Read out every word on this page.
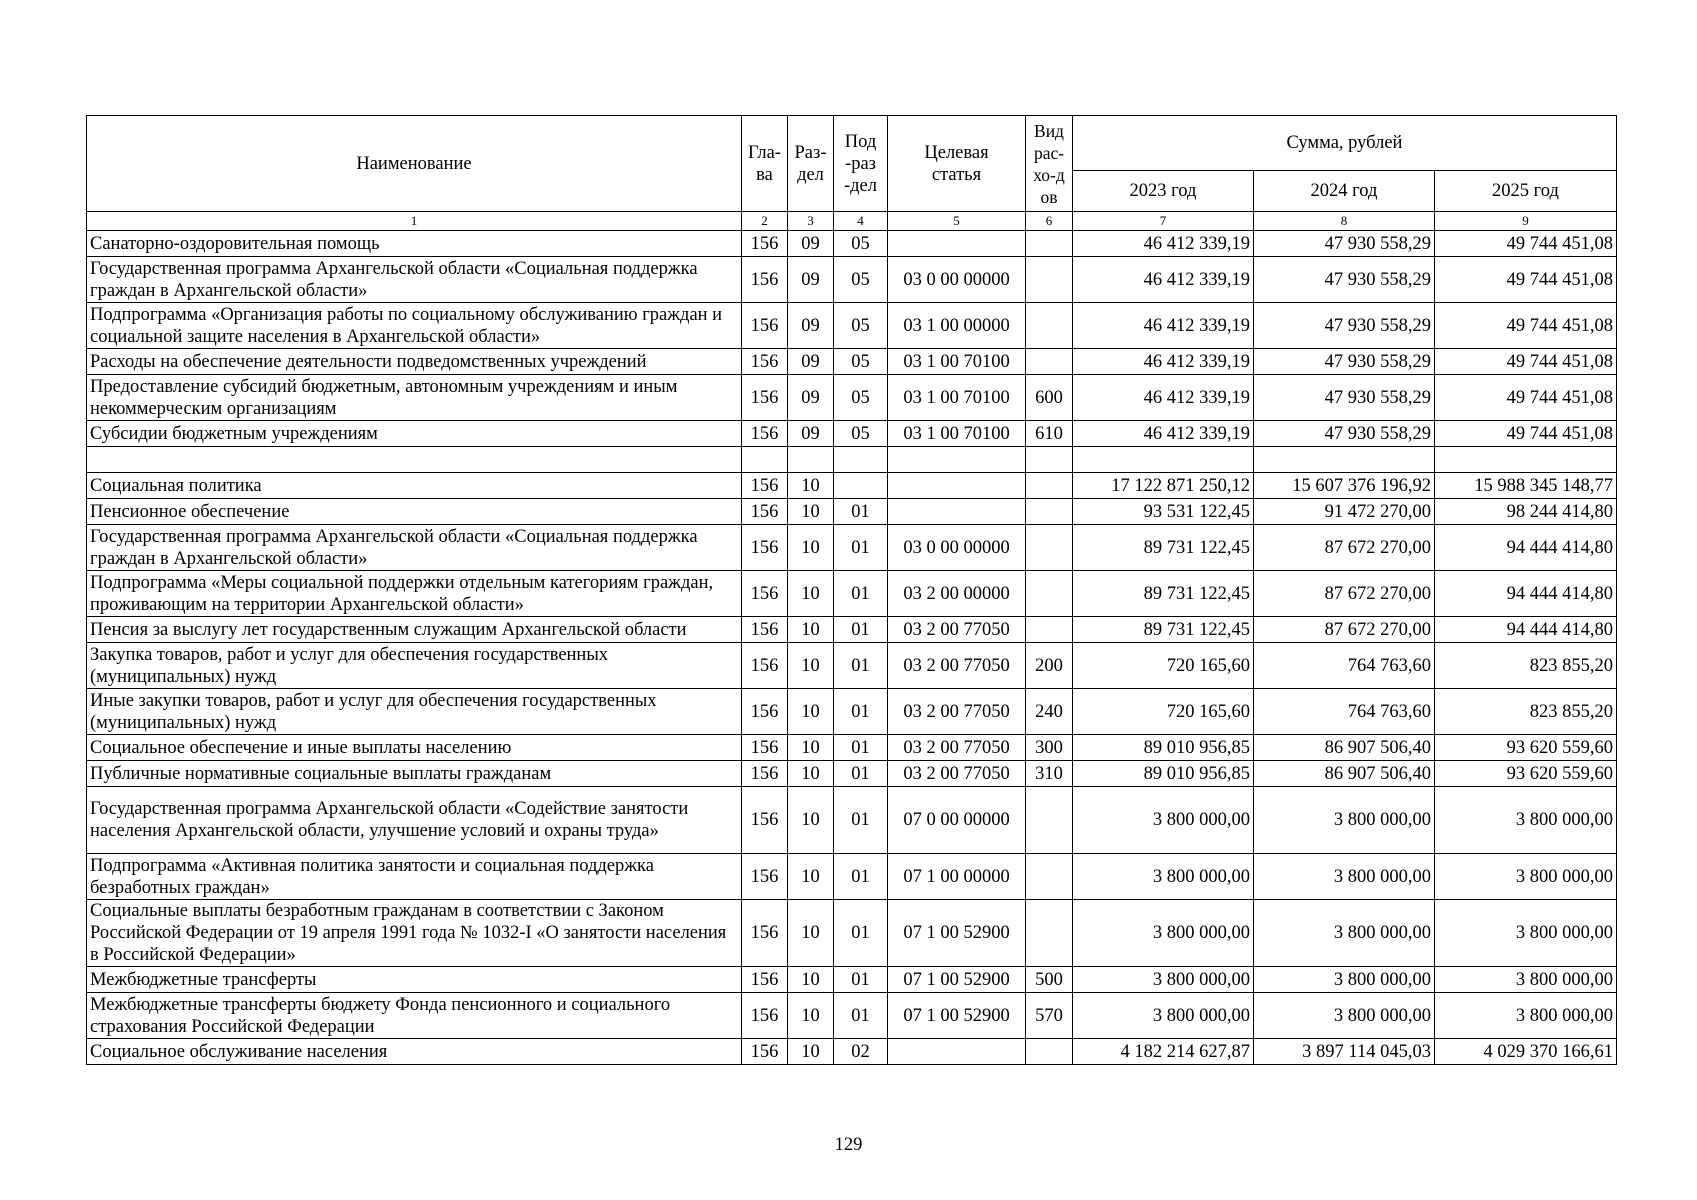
Наименование	Гла-ва	Раз-дел	Под-раз-дел	Целевая статья	Вид рас-хо-дов	Сумма, рублей		
						2023 год	2024 год	2025 год
1	2	3	4	5	6	7	8	9
Санаторно-оздоровительная помощь	156	09	05			46 412 339,19	47 930 558,29	49 744 451,08
Государственная программа Архангельской области «Социальная поддержка граждан в Архангельской области»	156	09	05	03 0 00 00000		46 412 339,19	47 930 558,29	49 744 451,08
Подпрограмма «Организация работы по социальному обслуживанию граждан и социальной защите населения в Архангельской области»	156	09	05	03 1 00 00000		46 412 339,19	47 930 558,29	49 744 451,08
Расходы на обеспечение деятельности подведомственных учреждений	156	09	05	03 1 00 70100		46 412 339,19	47 930 558,29	49 744 451,08
Предоставление субсидий бюджетным, автономным учреждениям и иным некоммерческим организациям	156	09	05	03 1 00 70100	600	46 412 339,19	47 930 558,29	49 744 451,08
Субсидии бюджетным учреждениям	156	09	05	03 1 00 70100	610	46 412 339,19	47 930 558,29	49 744 451,08

Социальная политика	156	10				17 122 871 250,12	15 607 376 196,92	15 988 345 148,77
Пенсионное обеспечение	156	10	01			93 531 122,45	91 472 270,00	98 244 414,80
Государственная программа Архангельской области «Социальная поддержка граждан в Архангельской области»	156	10	01	03 0 00 00000		89 731 122,45	87 672 270,00	94 444 414,80
Подпрограмма «Меры социальной поддержки отдельным категориям граждан, проживающим на территории Архангельской области»	156	10	01	03 2 00 00000		89 731 122,45	87 672 270,00	94 444 414,80
Пенсия за выслугу лет государственным служащим Архангельской области	156	10	01	03 2 00 77050		89 731 122,45	87 672 270,00	94 444 414,80
Закупка товаров, работ и услуг для обеспечения государственных (муниципальных) нужд	156	10	01	03 2 00 77050	200	720 165,60	764 763,60	823 855,20
Иные закупки товаров, работ и услуг для обеспечения государственных (муниципальных) нужд	156	10	01	03 2 00 77050	240	720 165,60	764 763,60	823 855,20
Социальное обеспечение и иные выплаты населению	156	10	01	03 2 00 77050	300	89 010 956,85	86 907 506,40	93 620 559,60
Публичные нормативные социальные выплаты гражданам	156	10	01	03 2 00 77050	310	89 010 956,85	86 907 506,40	93 620 559,60
Государственная программа Архангельской области «Содействие занятости населения Архангельской области, улучшение условий и охраны труда»	156	10	01	07 0 00 00000		3 800 000,00	3 800 000,00	3 800 000,00
Подпрограмма «Активная политика занятости и социальная поддержка безработных граждан»	156	10	01	07 1 00 00000		3 800 000,00	3 800 000,00	3 800 000,00
Социальные выплаты безработным гражданам в соответствии с Законом Российской Федерации от 19 апреля 1991 года № 1032-I «О занятости населения в Российской Федерации»	156	10	01	07 1 00 52900		3 800 000,00	3 800 000,00	3 800 000,00
Межбюджетные трансферты	156	10	01	07 1 00 52900	500	3 800 000,00	3 800 000,00	3 800 000,00
Межбюджетные трансферты бюджету Фонда пенсионного и социального страхования Российской Федерации	156	10	01	07 1 00 52900	570	3 800 000,00	3 800 000,00	3 800 000,00
Социальное обслуживание населения	156	10	02			4 182 214 627,87	3 897 114 045,03	4 029 370 166,61
129
